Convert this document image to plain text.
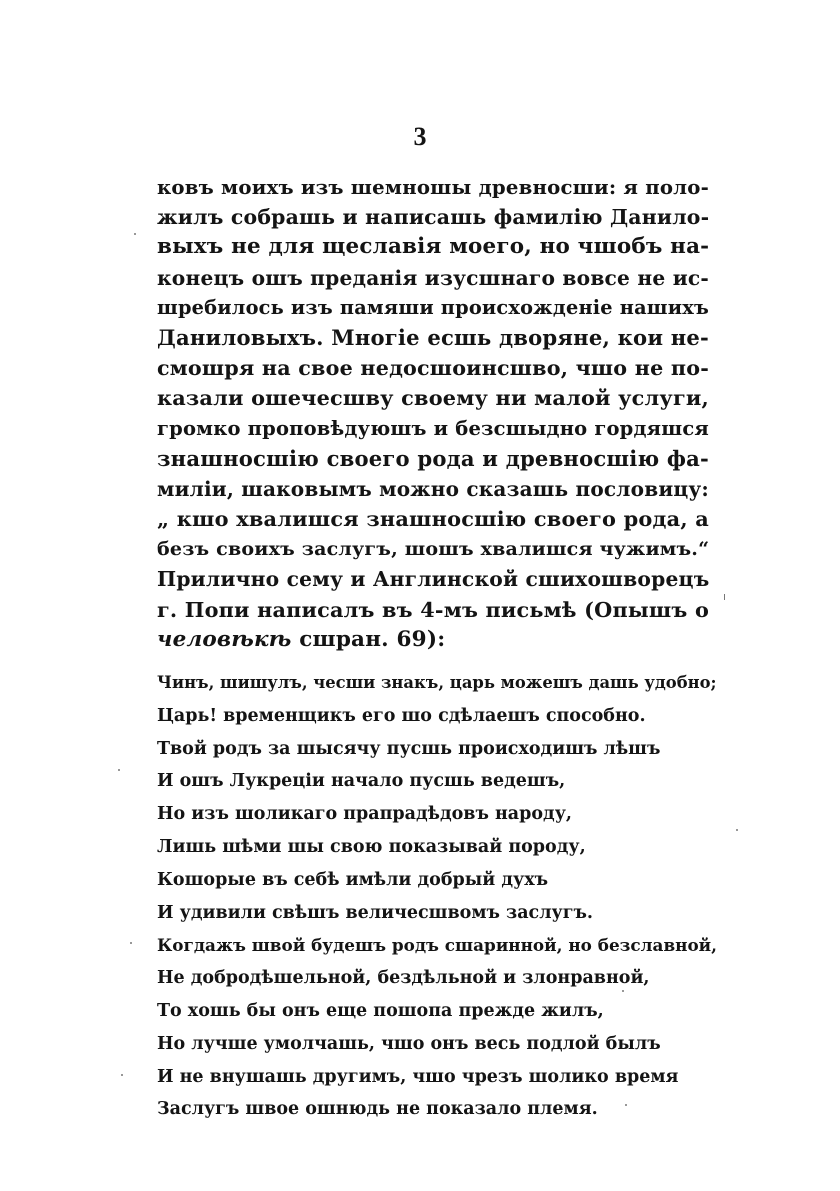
3
ковъ моихъ изъ шемношы древносши: я поло-
жилъ собрашь и написашь фамилію Данило-
выхъ не для щеславія моего, но чшобъ на-
конецъ ошъ преданія изусшнаго вовсе не ис-
шребилось изъ памяши происхожденіе нашихъ
Даниловыхъ. Многіе есшь дворяне, кои не-
смошря на свое недосшоинсшво, чшо не по-
казали ошечесшву своему ни малой услуги,
громко проповѣдуюшъ и безсшыдно гордяшся
знашносшію своего рода и древносшію фа-
миліи, шаковымъ можно сказашь пословицу:
„ кшо хвалишся знашносшію своего рода, а
безъ своихъ заслугъ, шошъ хвалишся чужимъ.“
Прилично сему и Англинской сшихошворецъ
г. Попи написалъ въ 4-мъ письмѣ (Опышъ о
человѣкѣ сшран. 69):
Чинъ, шишулъ, чесши знакъ, царь можешъ дашь удобно;
Царь! временщикъ его шо сдѣлаешъ способно.
Твой родъ за шысячу пусшь происходишъ лѣшъ
И ошъ Лукреціи начало пусшь ведешъ,
Но изъ шоликаго прапрадѣдовъ народу,
Лишь шѣми шы свою показывай породу,
Кошорые въ себѣ имѣли добрый духъ
И удивили свѣшъ величесшвомъ заслугъ.
Когдажъ швой будешъ родъ сшаринной, но безславной,
Не добродѣшельной, бездѣльной и злонравной,
То хошь бы онъ еще пошопа прежде жилъ,
Но лучше умолчашь, чшо онъ весь подлой былъ
И не внушашь другимъ, чшо чрезъ шолико время
Заслугъ швое ошнюдь не показало племя.
